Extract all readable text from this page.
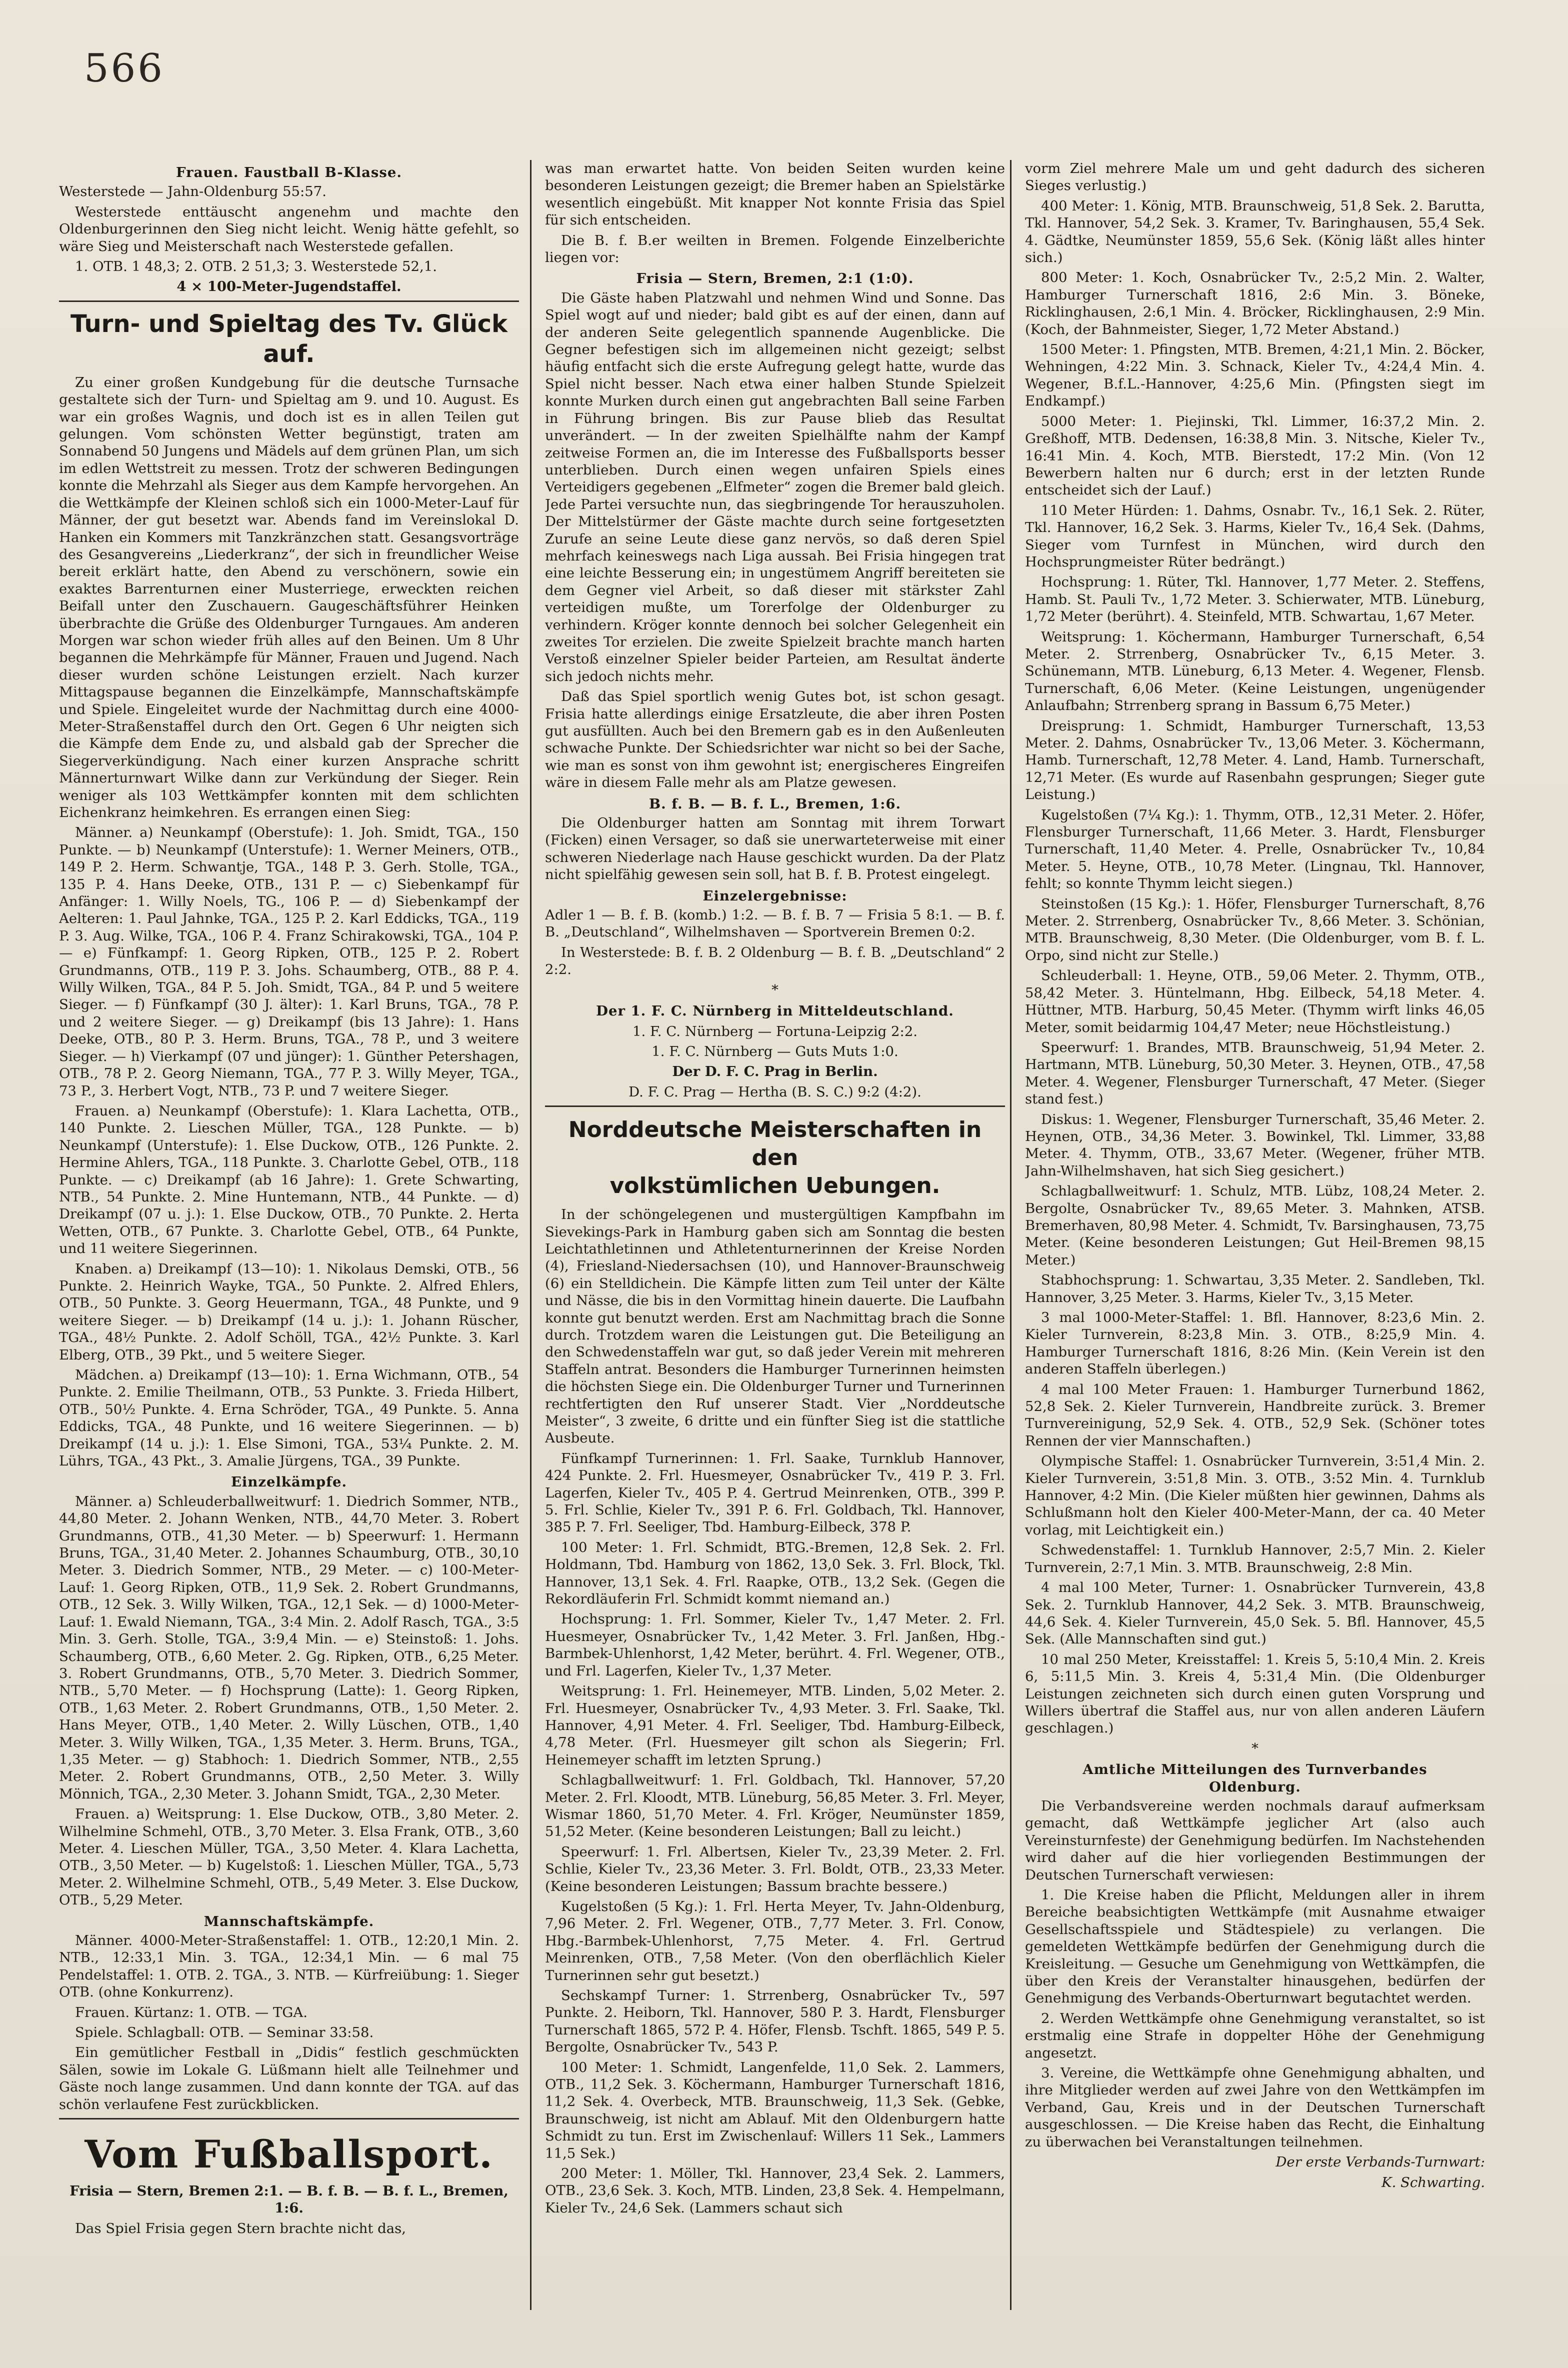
566
Frauen. Faustball B-Klasse.

Westerstede — Jahn-Oldenburg 55:57.

Westerstede enttäuscht angenehm und machte den Oldenburgerinnen den Sieg nicht leicht. Wenig hätte gefehlt, so wäre Sieg und Meisterschaft nach Westerstede gefallen.

1. OTB. 1 48,3; 2. OTB. 2 51,3; 3. Westerstede 52,1.

4 × 100-Meter-Jugendstaffel.
Turn- und Spieltag des Tv. Glück auf.

Zu einer großen Kundgebung für die deutsche Turnsache gestaltete sich der Turn- und Spieltag am 9. und 10. August. Es war ein großes Wagnis, und doch ist es in allen Teilen gut gelungen. Vom schönsten Wetter begünstigt, traten am Sonnabend 50 Jungens und Mädels auf dem grünen Plan, um sich im edlen Wettstreit zu messen. Trotz der schweren Bedingungen konnte die Mehrzahl als Sieger aus dem Kampfe hervorgehen. An die Wettkämpfe der Kleinen schloß sich ein 1000-Meter-Lauf für Männer, der gut besetzt war. Abends fand im Vereinslokal D. Hanken ein Kommers mit Tanzkränzchen statt. Gesangsvorträge des Gesangvereins „Liederkranz“, der sich in freundlicher Weise bereit erklärt hatte, den Abend zu verschönern, sowie ein exaktes Barrenturnen einer Musterriege, erweckten reichen Beifall unter den Zuschauern. Gaugeschäftsführer Heinken überbrachte die Grüße des Oldenburger Turngaues. Am anderen Morgen war schon wieder früh alles auf den Beinen. Um 8 Uhr begannen die Mehrkämpfe für Männer, Frauen und Jugend. Nach dieser wurden schöne Leistungen erzielt. Nach kurzer Mittagspause begannen die Einzelkämpfe, Mannschaftskämpfe und Spiele. Eingeleitet wurde der Nachmittag durch eine 4000-Meter-Straßenstaffel durch den Ort. Gegen 6 Uhr neigten sich die Kämpfe dem Ende zu, und alsbald gab der Sprecher die Siegerverkündigung. Nach einer kurzen Ansprache schritt Männerturnwart Wilke dann zur Verkündung der Sieger. Rein weniger als 103 Wettkämpfer konnten mit dem schlichten Eichenkranz heimkehren. Es errangen einen Sieg:

Männer. a) Neunkampf (Oberstufe): 1. Joh. Smidt, TGA., 150 Punkte. — b) Neunkampf (Unterstufe): 1. Werner Meiners, OTB., 149 P. 2. Herm. Schwantje, TGA., 148 P. 3. Gerh. Stolle, TGA., 135 P. 4. Hans Deeke, OTB., 131 P. — c) Siebenkampf für Anfänger: 1. Willy Noels, TG., 106 P. — d) Siebenkampf der Aelteren: 1. Paul Jahnke, TGA., 125 P. 2. Karl Eddicks, TGA., 119 P. 3. Aug. Wilke, TGA., 106 P. 4. Franz Schirakowski, TGA., 104 P. — e) Fünfkampf: 1. Georg Ripken, OTB., 125 P. 2. Robert Grundmanns, OTB., 119 P. 3. Johs. Schaumberg, OTB., 88 P. 4. Willy Wilken, TGA., 84 P. 5. Joh. Smidt, TGA., 84 P. und 5 weitere Sieger. — f) Fünfkampf (30 J. älter): 1. Karl Bruns, TGA., 78 P. und 2 weitere Sieger. — g) Dreikampf (bis 13 Jahre): 1. Hans Deeke, OTB., 80 P. 3. Herm. Bruns, TGA., 78 P., und 3 weitere Sieger. — h) Vierkampf (07 und jünger): 1. Günther Petershagen, OTB., 78 P. 2. Georg Niemann, TGA., 77 P. 3. Willy Meyer, TGA., 73 P., 3. Herbert Vogt, NTB., 73 P. und 7 weitere Sieger.

Frauen. a) Neunkampf (Oberstufe): 1. Klara Lachetta, OTB., 140 Punkte. 2. Lieschen Müller, TGA., 128 Punkte. — b) Neunkampf (Unterstufe): 1. Else Duckow, OTB., 126 Punkte. 2. Hermine Ahlers, TGA., 118 Punkte. 3. Charlotte Gebel, OTB., 118 Punkte. — c) Dreikampf (ab 16 Jahre): 1. Grete Schwarting, NTB., 54 Punkte. 2. Mine Huntemann, NTB., 44 Punkte. — d) Dreikampf (07 u. j.): 1. Else Duckow, OTB., 70 Punkte. 2. Herta Wetten, OTB., 67 Punkte. 3. Charlotte Gebel, OTB., 64 Punkte, und 11 weitere Siegerinnen.

Knaben. a) Dreikampf (13—10): 1. Nikolaus Demski, OTB., 56 Punkte. 2. Heinrich Wayke, TGA., 50 Punkte. 2. Alfred Ehlers, OTB., 50 Punkte. 3. Georg Heuermann, TGA., 48 Punkte, und 9 weitere Sieger. — b) Dreikampf (14 u. j.): 1. Johann Rüscher, TGA., 48½ Punkte. 2. Adolf Schöll, TGA., 42½ Punkte. 3. Karl Elberg, OTB., 39 Pkt., und 5 weitere Sieger.

Mädchen. a) Dreikampf (13—10): 1. Erna Wichmann, OTB., 54 Punkte. 2. Emilie Theilmann, OTB., 53 Punkte. 3. Frieda Hilbert, OTB., 50½ Punkte. 4. Erna Schröder, TGA., 49 Punkte. 5. Anna Eddicks, TGA., 48 Punkte, und 16 weitere Siegerinnen. — b) Dreikampf (14 u. j.): 1. Else Simoni, TGA., 53¼ Punkte. 2. M. Lührs, TGA., 43 Pkt., 3. Amalie Jürgens, TGA., 39 Punkte.

Einzelkämpfe.

Männer. a) Schleuderballweitwurf: 1. Diedrich Sommer, NTB., 44,80 Meter. 2. Johann Wenken, NTB., 44,70 Meter. 3. Robert Grundmanns, OTB., 41,30 Meter. — b) Speerwurf: 1. Hermann Bruns, TGA., 31,40 Meter. 2. Johannes Schaumburg, OTB., 30,10 Meter. 3. Diedrich Sommer, NTB., 29 Meter. — c) 100-Meter-Lauf: 1. Georg Ripken, OTB., 11,9 Sek. 2. Robert Grundmanns, OTB., 12 Sek. 3. Willy Wilken, TGA., 12,1 Sek. — d) 1000-Meter-Lauf: 1. Ewald Niemann, TGA., 3:4 Min. 2. Adolf Rasch, TGA., 3:5 Min. 3. Gerh. Stolle, TGA., 3:9,4 Min. — e) Steinstoß: 1. Johs. Schaumberg, OTB., 6,60 Meter. 2. Gg. Ripken, OTB., 6,25 Meter. 3. Robert Grundmanns, OTB., 5,70 Meter. 3. Diedrich Sommer, NTB., 5,70 Meter. — f) Hochsprung (Latte): 1. Georg Ripken, OTB., 1,63 Meter. 2. Robert Grundmanns, OTB., 1,50 Meter. 2. Hans Meyer, OTB., 1,40 Meter. 2. Willy Lüschen, OTB., 1,40 Meter. 3. Willy Wilken, TGA., 1,35 Meter. 3. Herm. Bruns, TGA., 1,35 Meter. — g) Stabhoch: 1. Diedrich Sommer, NTB., 2,55 Meter. 2. Robert Grundmanns, OTB., 2,50 Meter. 3. Willy Mönnich, TGA., 2,30 Meter. 3. Johann Smidt, TGA., 2,30 Meter.

Frauen. a) Weitsprung: 1. Else Duckow, OTB., 3,80 Meter. 2. Wilhelmine Schmehl, OTB., 3,70 Meter. 3. Elsa Frank, OTB., 3,60 Meter. 4. Lieschen Müller, TGA., 3,50 Meter. 4. Klara Lachetta, OTB., 3,50 Meter. — b) Kugelstoß: 1. Lieschen Müller, TGA., 5,73 Meter. 2. Wilhelmine Schmehl, OTB., 5,49 Meter. 3. Else Duckow, OTB., 5,29 Meter.

Mannschaftskämpfe.

Männer. 4000-Meter-Straßenstaffel: 1. OTB., 12:20,1 Min. 2. NTB., 12:33,1 Min. 3. TGA., 12:34,1 Min. — 6 mal 75 Pendelstaffel: 1. OTB. 2. TGA., 3. NTB. — Kürfreiübung: 1. Sieger OTB. (ohne Konkurrenz).

Frauen. Kürtanz: 1. OTB. — TGA.

Spiele. Schlagball: OTB. — Seminar 33:58.

Ein gemütlicher Festball in „Didis“ festlich geschmückten Sälen, sowie im Lokale G. Lüßmann hielt alle Teilnehmer und Gäste noch lange zusammen. Und dann konnte der TGA. auf das schön verlaufene Fest zurückblicken.

Vom Fußballsport.
Frisia — Stern, Bremen 2:1. — B. f. B. — B. f. L., Bremen, 1:6.

Das Spiel Frisia gegen Stern brachte nicht das,

was man erwartet hatte. Von beiden Seiten wurden keine besonderen Leistungen gezeigt; die Bremer haben an Spielstärke wesentlich eingebüßt. Mit knapper Not konnte Frisia das Spiel für sich entscheiden.

Die B. f. B.er weilten in Bremen. Folgende Einzelberichte liegen vor:

Frisia — Stern, Bremen, 2:1 (1:0).

Die Gäste haben Platzwahl und nehmen Wind und Sonne. Das Spiel wogt auf und nieder; bald gibt es auf der einen, dann auf der anderen Seite gelegentlich spannende Augenblicke. Die Gegner befestigen sich im allgemeinen nicht gezeigt; selbst häufig entfacht sich die erste Aufregung gelegt hatte, wurde das Spiel nicht besser. Nach etwa einer halben Stunde Spielzeit konnte Murken durch einen gut angebrachten Ball seine Farben in Führung bringen. Bis zur Pause blieb das Resultat unverändert. — In der zweiten Spielhälfte nahm der Kampf zeitweise Formen an, die im Interesse des Fußballsports besser unterblieben. Durch einen wegen unfairen Spiels eines Verteidigers gegebenen „Elfmeter“ zogen die Bremer bald gleich. Jede Partei versuchte nun, das siegbringende Tor herauszuholen. Der Mittelstürmer der Gäste machte durch seine fortgesetzten Zurufe an seine Leute diese ganz nervös, so daß deren Spiel mehrfach keineswegs nach Liga aussah. Bei Frisia hingegen trat eine leichte Besserung ein; in ungestümem Angriff bereiteten sie dem Gegner viel Arbeit, so daß dieser mit stärkster Zahl verteidigen mußte, um Torerfolge der Oldenburger zu verhindern. Kröger konnte dennoch bei solcher Gelegenheit ein zweites Tor erzielen. Die zweite Spielzeit brachte manch harten Verstoß einzelner Spieler beider Parteien, am Resultat änderte sich jedoch nichts mehr.

Daß das Spiel sportlich wenig Gutes bot, ist schon gesagt. Frisia hatte allerdings einige Ersatzleute, die aber ihren Posten gut ausfüllten. Auch bei den Bremern gab es in den Außenleuten schwache Punkte. Der Schiedsrichter war nicht so bei der Sache, wie man es sonst von ihm gewohnt ist; energischeres Eingreifen wäre in diesem Falle mehr als am Platze gewesen.

B. f. B. — B. f. L., Bremen, 1:6.

Die Oldenburger hatten am Sonntag mit ihrem Torwart (Ficken) einen Versager, so daß sie unerwarteterweise mit einer schweren Niederlage nach Hause geschickt wurden. Da der Platz nicht spielfähig gewesen sein soll, hat B. f. B. Protest eingelegt.

Einzelergebnisse:

Adler 1 — B. f. B. (komb.) 1:2. — B. f. B. 7 — Frisia 5 8:1. — B. f. B. „Deutschland“, Wilhelmshaven — Sportverein Bremen 0:2.

In Westerstede: B. f. B. 2 Oldenburg — B. f. B. „Deutschland“ 2 2:2.

*
Der 1. F. C. Nürnberg in Mitteldeutschland.
1. F. C. Nürnberg — Fortuna-Leipzig 2:2.
1. F. C. Nürnberg — Guts Muts 1:0.
Der D. F. C. Prag in Berlin.
D. F. C. Prag — Hertha (B. S. C.) 9:2 (4:2).
Norddeutsche Meisterschaften in den
volkstümlichen Uebungen.

In der schöngelegenen und mustergültigen Kampfbahn im Sievekings-Park in Hamburg gaben sich am Sonntag die besten Leichtathletinnen und Athletenturnerinnen der Kreise Norden (4), Friesland-Niedersachsen (10), und Hannover-Braunschweig (6) ein Stelldichein. Die Kämpfe litten zum Teil unter der Kälte und Nässe, die bis in den Vormittag hinein dauerte. Die Laufbahn konnte gut benutzt werden. Erst am Nachmittag brach die Sonne durch. Trotzdem waren die Leistungen gut. Die Beteiligung an den Schwedenstaffeln war gut, so daß jeder Verein mit mehreren Staffeln antrat. Besonders die Hamburger Turnerinnen heimsten die höchsten Siege ein. Die Oldenburger Turner und Turnerinnen rechtfertigten den Ruf unserer Stadt. Vier „Norddeutsche Meister“, 3 zweite, 6 dritte und ein fünfter Sieg ist die stattliche Ausbeute.

Fünfkampf Turnerinnen: 1. Frl. Saake, Turnklub Hannover, 424 Punkte. 2. Frl. Huesmeyer, Osnabrücker Tv., 419 P. 3. Frl. Lagerfen, Kieler Tv., 405 P. 4. Gertrud Meinrenken, OTB., 399 P. 5. Frl. Schlie, Kieler Tv., 391 P. 6. Frl. Goldbach, Tkl. Hannover, 385 P. 7. Frl. Seeliger, Tbd. Hamburg-Eilbeck, 378 P.

100 Meter: 1. Frl. Schmidt, BTG.-Bremen, 12,8 Sek. 2. Frl. Holdmann, Tbd. Hamburg von 1862, 13,0 Sek. 3. Frl. Block, Tkl. Hannover, 13,1 Sek. 4. Frl. Raapke, OTB., 13,2 Sek. (Gegen die Rekordläuferin Frl. Schmidt kommt niemand an.)

Hochsprung: 1. Frl. Sommer, Kieler Tv., 1,47 Meter. 2. Frl. Huesmeyer, Osnabrücker Tv., 1,42 Meter. 3. Frl. Janßen, Hbg.-Barmbek-Uhlenhorst, 1,42 Meter, berührt. 4. Frl. Wegener, OTB., und Frl. Lagerfen, Kieler Tv., 1,37 Meter.

Weitsprung: 1. Frl. Heinemeyer, MTB. Linden, 5,02 Meter. 2. Frl. Huesmeyer, Osnabrücker Tv., 4,93 Meter. 3. Frl. Saake, Tkl. Hannover, 4,91 Meter. 4. Frl. Seeliger, Tbd. Hamburg-Eilbeck, 4,78 Meter. (Frl. Huesmeyer gilt schon als Siegerin; Frl. Heinemeyer schafft im letzten Sprung.)

Schlagballweitwurf: 1. Frl. Goldbach, Tkl. Hannover, 57,20 Meter. 2. Frl. Kloodt, MTB. Lüneburg, 56,85 Meter. 3. Frl. Meyer, Wismar 1860, 51,70 Meter. 4. Frl. Kröger, Neumünster 1859, 51,52 Meter. (Keine besonderen Leistungen; Ball zu leicht.)

Speerwurf: 1. Frl. Albertsen, Kieler Tv., 23,39 Meter. 2. Frl. Schlie, Kieler Tv., 23,36 Meter. 3. Frl. Boldt, OTB., 23,33 Meter. (Keine besonderen Leistungen; Bassum brachte bessere.)

Kugelstoßen (5 Kg.): 1. Frl. Herta Meyer, Tv. Jahn-Oldenburg, 7,96 Meter. 2. Frl. Wegener, OTB., 7,77 Meter. 3. Frl. Conow, Hbg.-Barmbek-Uhlenhorst, 7,75 Meter. 4. Frl. Gertrud Meinrenken, OTB., 7,58 Meter. (Von den oberflächlich Kieler Turnerinnen sehr gut besetzt.)

Sechskampf Turner: 1. Strrenberg, Osnabrücker Tv., 597 Punkte. 2. Heiborn, Tkl. Hannover, 580 P. 3. Hardt, Flensburger Turnerschaft 1865, 572 P. 4. Höfer, Flensb. Tschft. 1865, 549 P. 5. Bergolte, Osnabrücker Tv., 543 P.

100 Meter: 1. Schmidt, Langenfelde, 11,0 Sek. 2. Lammers, OTB., 11,2 Sek. 3. Köchermann, Hamburger Turnerschaft 1816, 11,2 Sek. 4. Overbeck, MTB. Braunschweig, 11,3 Sek. (Gebke, Braunschweig, ist nicht am Ablauf. Mit den Oldenburgern hatte Schmidt zu tun. Erst im Zwischenlauf: Willers 11 Sek., Lammers 11,5 Sek.)

200 Meter: 1. Möller, Tkl. Hannover, 23,4 Sek. 2. Lammers, OTB., 23,6 Sek. 3. Koch, MTB. Linden, 23,8 Sek. 4. Hempelmann, Kieler Tv., 24,6 Sek. (Lammers schaut sich

vorm Ziel mehrere Male um und geht dadurch des sicheren Sieges verlustig.)

400 Meter: 1. König, MTB. Braunschweig, 51,8 Sek. 2. Barutta, Tkl. Hannover, 54,2 Sek. 3. Kramer, Tv. Baringhausen, 55,4 Sek. 4. Gädtke, Neumünster 1859, 55,6 Sek. (König läßt alles hinter sich.)

800 Meter: 1. Koch, Osnabrücker Tv., 2:5,2 Min. 2. Walter, Hamburger Turnerschaft 1816, 2:6 Min. 3. Böneke, Ricklinghausen, 2:6,1 Min. 4. Bröcker, Ricklinghausen, 2:9 Min. (Koch, der Bahnmeister, Sieger, 1,72 Meter Abstand.)

1500 Meter: 1. Pfingsten, MTB. Bremen, 4:21,1 Min. 2. Böcker, Wehningen, 4:22 Min. 3. Schnack, Kieler Tv., 4:24,4 Min. 4. Wegener, B.f.L.-Hannover, 4:25,6 Min. (Pfingsten siegt im Endkampf.)

5000 Meter: 1. Piejinski, Tkl. Limmer, 16:37,2 Min. 2. Greßhoff, MTB. Dedensen, 16:38,8 Min. 3. Nitsche, Kieler Tv., 16:41 Min. 4. Koch, MTB. Bierstedt, 17:2 Min. (Von 12 Bewerbern halten nur 6 durch; erst in der letzten Runde entscheidet sich der Lauf.)

110 Meter Hürden: 1. Dahms, Osnabr. Tv., 16,1 Sek. 2. Rüter, Tkl. Hannover, 16,2 Sek. 3. Harms, Kieler Tv., 16,4 Sek. (Dahms, Sieger vom Turnfest in München, wird durch den Hochsprungmeister Rüter bedrängt.)

Hochsprung: 1. Rüter, Tkl. Hannover, 1,77 Meter. 2. Steffens, Hamb. St. Pauli Tv., 1,72 Meter. 3. Schierwater, MTB. Lüneburg, 1,72 Meter (berührt). 4. Steinfeld, MTB. Schwartau, 1,67 Meter.

Weitsprung: 1. Köchermann, Hamburger Turnerschaft, 6,54 Meter. 2. Strrenberg, Osnabrücker Tv., 6,15 Meter. 3. Schünemann, MTB. Lüneburg, 6,13 Meter. 4. Wegener, Flensb. Turnerschaft, 6,06 Meter. (Keine Leistungen, ungenügender Anlaufbahn; Strrenberg sprang in Bassum 6,75 Meter.)

Dreisprung: 1. Schmidt, Hamburger Turnerschaft, 13,53 Meter. 2. Dahms, Osnabrücker Tv., 13,06 Meter. 3. Köchermann, Hamb. Turnerschaft, 12,78 Meter. 4. Land, Hamb. Turnerschaft, 12,71 Meter. (Es wurde auf Rasenbahn gesprungen; Sieger gute Leistung.)

Kugelstoßen (7¼ Kg.): 1. Thymm, OTB., 12,31 Meter. 2. Höfer, Flensburger Turnerschaft, 11,66 Meter. 3. Hardt, Flensburger Turnerschaft, 11,40 Meter. 4. Prelle, Osnabrücker Tv., 10,84 Meter. 5. Heyne, OTB., 10,78 Meter. (Lingnau, Tkl. Hannover, fehlt; so konnte Thymm leicht siegen.)

Steinstoßen (15 Kg.): 1. Höfer, Flensburger Turnerschaft, 8,76 Meter. 2. Strrenberg, Osnabrücker Tv., 8,66 Meter. 3. Schönian, MTB. Braunschweig, 8,30 Meter. (Die Oldenburger, vom B. f. L. Orpo, sind nicht zur Stelle.)

Schleuderball: 1. Heyne, OTB., 59,06 Meter. 2. Thymm, OTB., 58,42 Meter. 3. Hüntelmann, Hbg. Eilbeck, 54,18 Meter. 4. Hüttner, MTB. Harburg, 50,45 Meter. (Thymm wirft links 46,05 Meter, somit beidarmig 104,47 Meter; neue Höchstleistung.)

Speerwurf: 1. Brandes, MTB. Braunschweig, 51,94 Meter. 2. Hartmann, MTB. Lüneburg, 50,30 Meter. 3. Heynen, OTB., 47,58 Meter. 4. Wegener, Flensburger Turnerschaft, 47 Meter. (Sieger stand fest.)

Diskus: 1. Wegener, Flensburger Turnerschaft, 35,46 Meter. 2. Heynen, OTB., 34,36 Meter. 3. Bowinkel, Tkl. Limmer, 33,88 Meter. 4. Thymm, OTB., 33,67 Meter. (Wegener, früher MTB. Jahn-Wilhelmshaven, hat sich Sieg gesichert.)

Schlagballweitwurf: 1. Schulz, MTB. Lübz, 108,24 Meter. 2. Bergolte, Osnabrücker Tv., 89,65 Meter. 3. Mahnken, ATSB. Bremerhaven, 80,98 Meter. 4. Schmidt, Tv. Barsinghausen, 73,75 Meter. (Keine besonderen Leistungen; Gut Heil-Bremen 98,15 Meter.)

Stabhochsprung: 1. Schwartau, 3,35 Meter. 2. Sandleben, Tkl. Hannover, 3,25 Meter. 3. Harms, Kieler Tv., 3,15 Meter.

3 mal 1000-Meter-Staffel: 1. Bfl. Hannover, 8:23,6 Min. 2. Kieler Turnverein, 8:23,8 Min. 3. OTB., 8:25,9 Min. 4. Hamburger Turnerschaft 1816, 8:26 Min. (Kein Verein ist den anderen Staffeln überlegen.)

4 mal 100 Meter Frauen: 1. Hamburger Turnerbund 1862, 52,8 Sek. 2. Kieler Turnverein, Handbreite zurück. 3. Bremer Turnvereinigung, 52,9 Sek. 4. OTB., 52,9 Sek. (Schöner totes Rennen der vier Mannschaften.)

Olympische Staffel: 1. Osnabrücker Turnverein, 3:51,4 Min. 2. Kieler Turnverein, 3:51,8 Min. 3. OTB., 3:52 Min. 4. Turnklub Hannover, 4:2 Min. (Die Kieler müßten hier gewinnen, Dahms als Schlußmann holt den Kieler 400-Meter-Mann, der ca. 40 Meter vorlag, mit Leichtigkeit ein.)

Schwedenstaffel: 1. Turnklub Hannover, 2:5,7 Min. 2. Kieler Turnverein, 2:7,1 Min. 3. MTB. Braunschweig, 2:8 Min.

4 mal 100 Meter, Turner: 1. Osnabrücker Turnverein, 43,8 Sek. 2. Turnklub Hannover, 44,2 Sek. 3. MTB. Braunschweig, 44,6 Sek. 4. Kieler Turnverein, 45,0 Sek. 5. Bfl. Hannover, 45,5 Sek. (Alle Mannschaften sind gut.)

10 mal 250 Meter, Kreisstaffel: 1. Kreis 5, 5:10,4 Min. 2. Kreis 6, 5:11,5 Min. 3. Kreis 4, 5:31,4 Min. (Die Oldenburger Leistungen zeichneten sich durch einen guten Vorsprung und Willers übertraf die Staffel aus, nur von allen anderen Läufern geschlagen.)

*
Amtliche Mitteilungen des Turnverbandes
Oldenburg.

Die Verbandsvereine werden nochmals darauf aufmerksam gemacht, daß Wettkämpfe jeglicher Art (also auch Vereinsturnfeste) der Genehmigung bedürfen. Im Nachstehenden wird daher auf die hier vorliegenden Bestimmungen der Deutschen Turnerschaft verwiesen:

1. Die Kreise haben die Pflicht, Meldungen aller in ihrem Bereiche beabsichtigten Wettkämpfe (mit Ausnahme etwaiger Gesellschaftsspiele und Städtespiele) zu verlangen. Die gemeldeten Wettkämpfe bedürfen der Genehmigung durch die Kreisleitung. — Gesuche um Genehmigung von Wettkämpfen, die über den Kreis der Veranstalter hinausgehen, bedürfen der Genehmigung des Verbands-Oberturnwart begutachtet werden.

2. Werden Wettkämpfe ohne Genehmigung veranstaltet, so ist erstmalig eine Strafe in doppelter Höhe der Genehmigung angesetzt.

3. Vereine, die Wettkämpfe ohne Genehmigung abhalten, und ihre Mitglieder werden auf zwei Jahre von den Wettkämpfen im Verband, Gau, Kreis und in der Deutschen Turnerschaft ausgeschlossen. — Die Kreise haben das Recht, die Einhaltung zu überwachen bei Veranstaltungen teilnehmen.

Der erste Verbands-Turnwart:

K. Schwarting.
